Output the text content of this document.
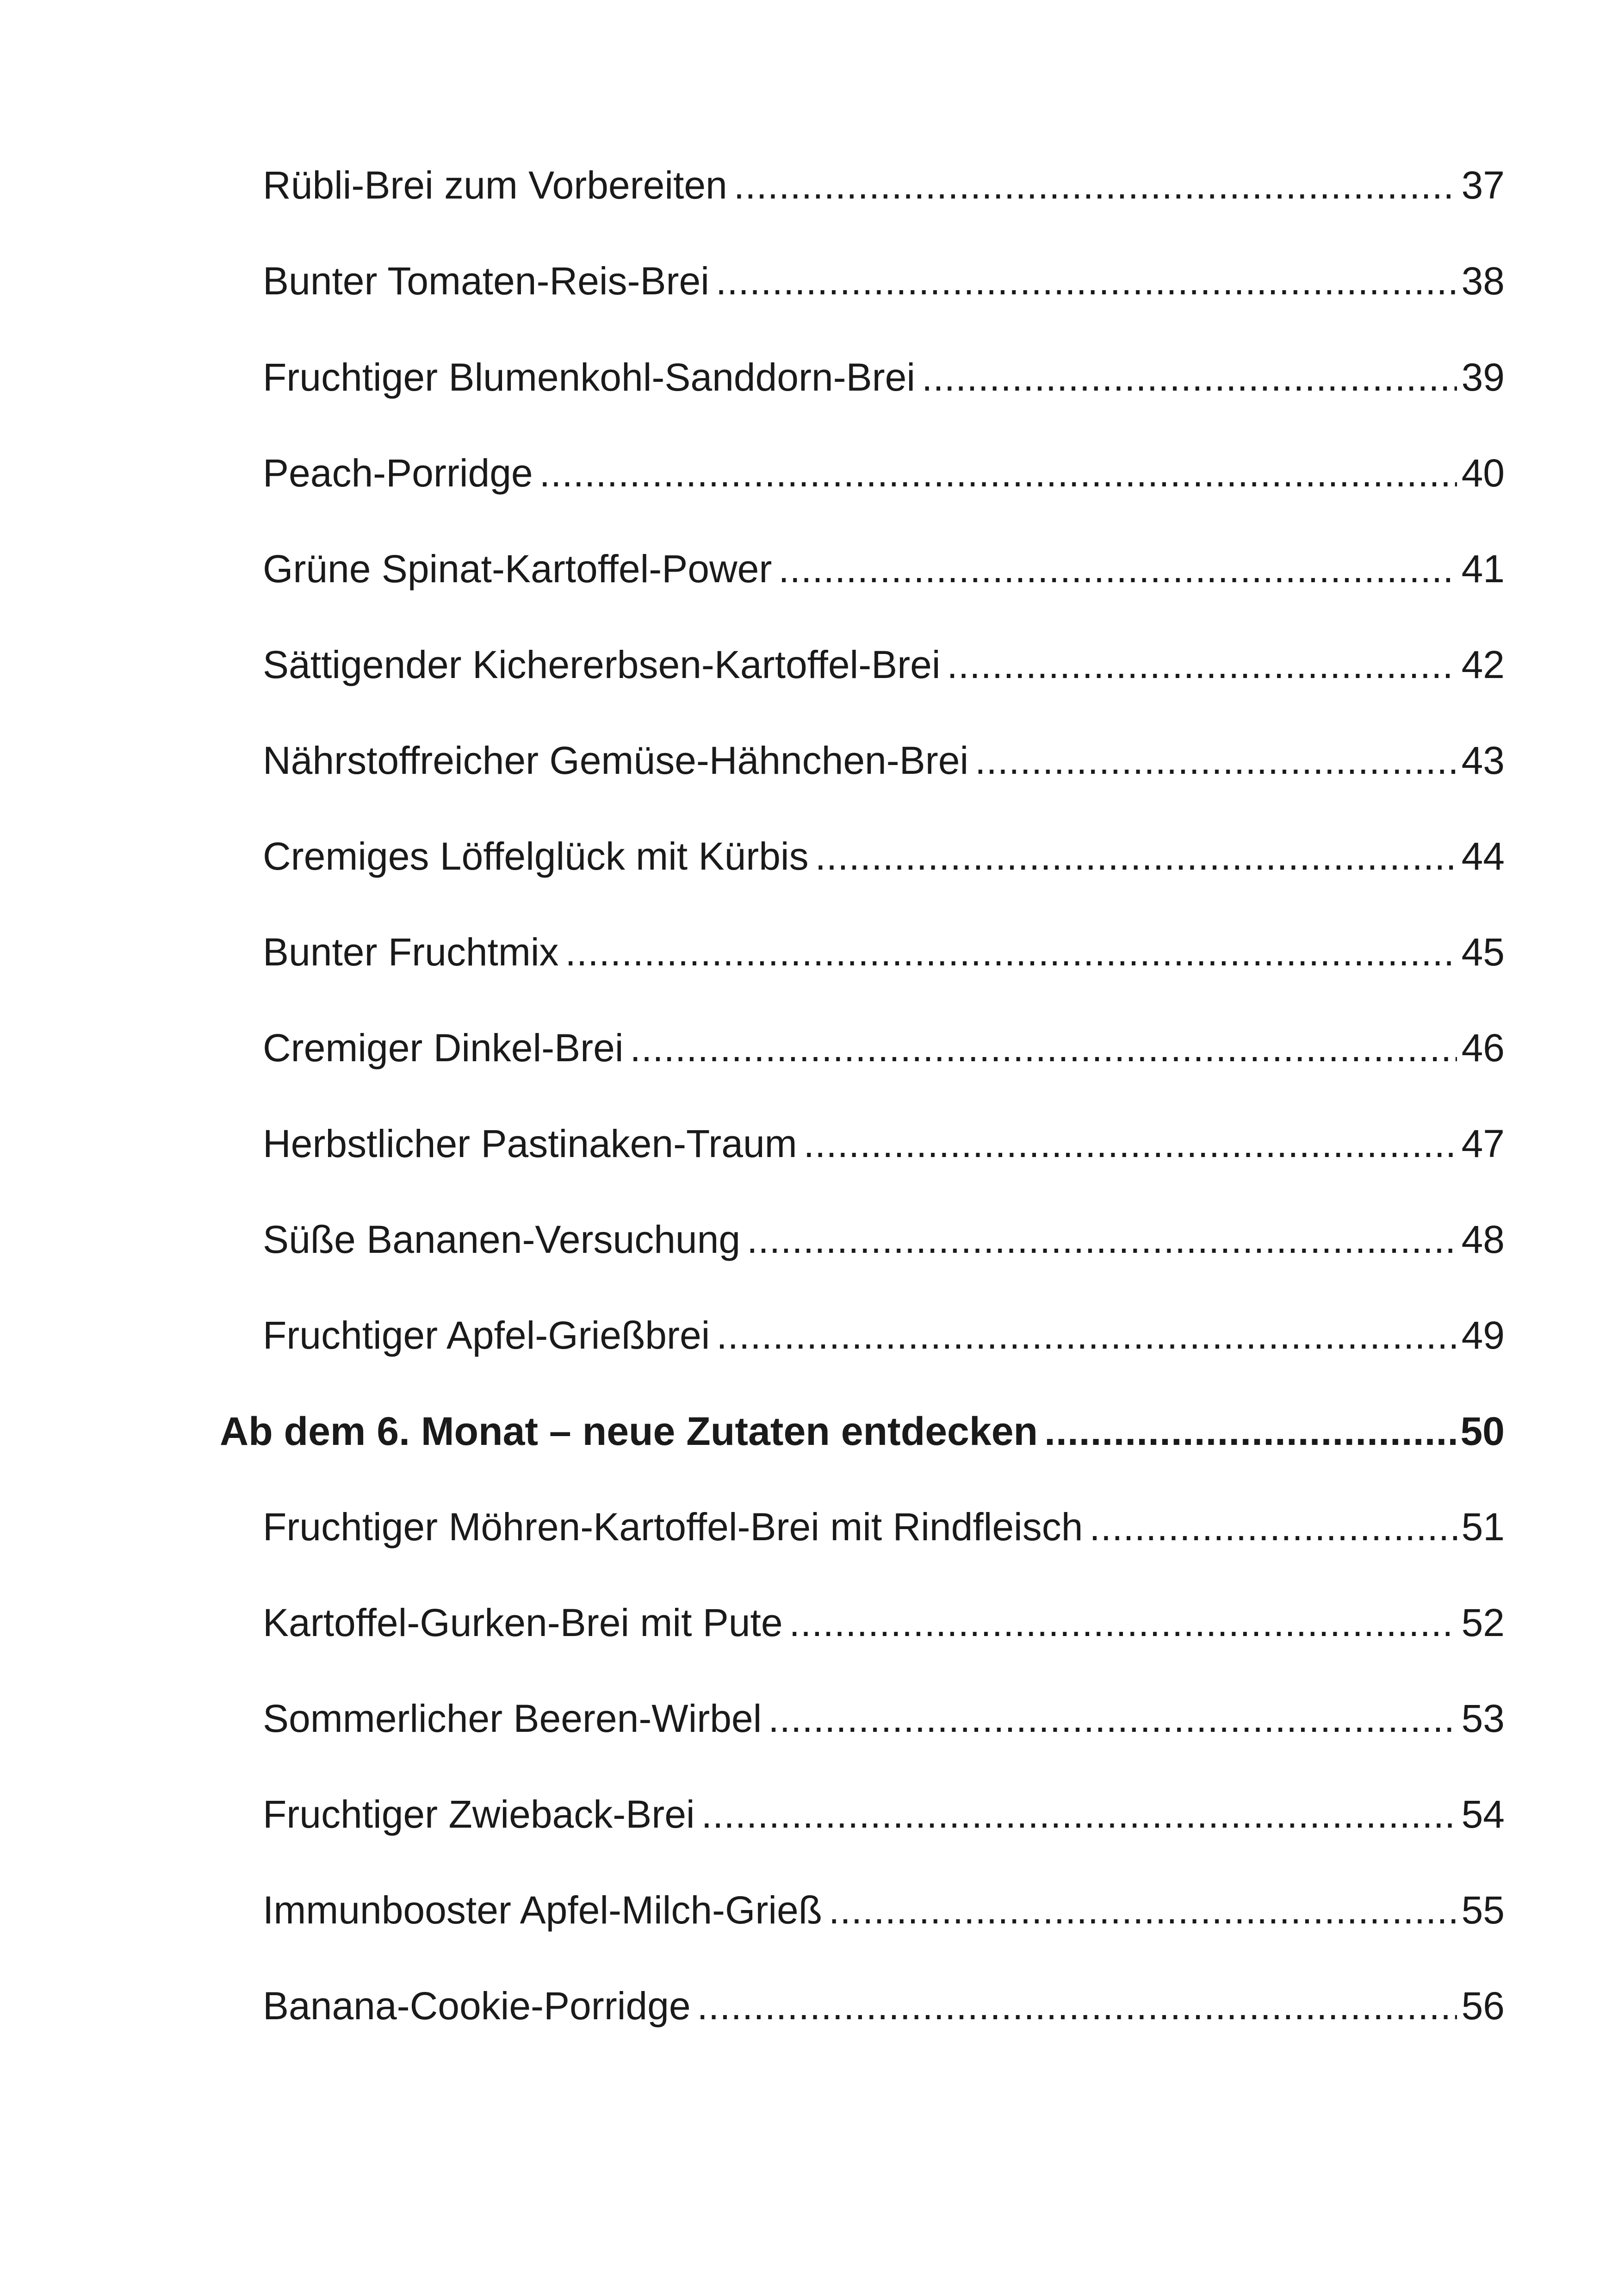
Rübli-Brei zum Vorbereiten .....	37
Bunter Tomaten-Reis-Brei .....	38
Fruchtiger Blumenkohl-Sanddorn-Brei .....	39
Peach-Porridge .....	40
Grüne Spinat-Kartoffel-Power .....	41
Sättigender Kichererbsen-Kartoffel-Brei .....	42
Nährstoffreicher Gemüse-Hähnchen-Brei .....	43
Cremiges Löffelglück mit Kürbis .....	44
Bunter Fruchtmix .....	45
Cremiger Dinkel-Brei .....	46
Herbstlicher Pastinaken-Traum .....	47
Süße Bananen-Versuchung .....	48
Fruchtiger Apfel-Grießbrei .....	49
Ab dem 6. Monat – neue Zutaten entdecken .....	50
Fruchtiger Möhren-Kartoffel-Brei mit Rindfleisch .....	51
Kartoffel-Gurken-Brei mit Pute .....	52
Sommerlicher Beeren-Wirbel .....	53
Fruchtiger Zwieback-Brei .....	54
Immunbooster Apfel-Milch-Grieß .....	55
Banana-Cookie-Porridge .....	56
